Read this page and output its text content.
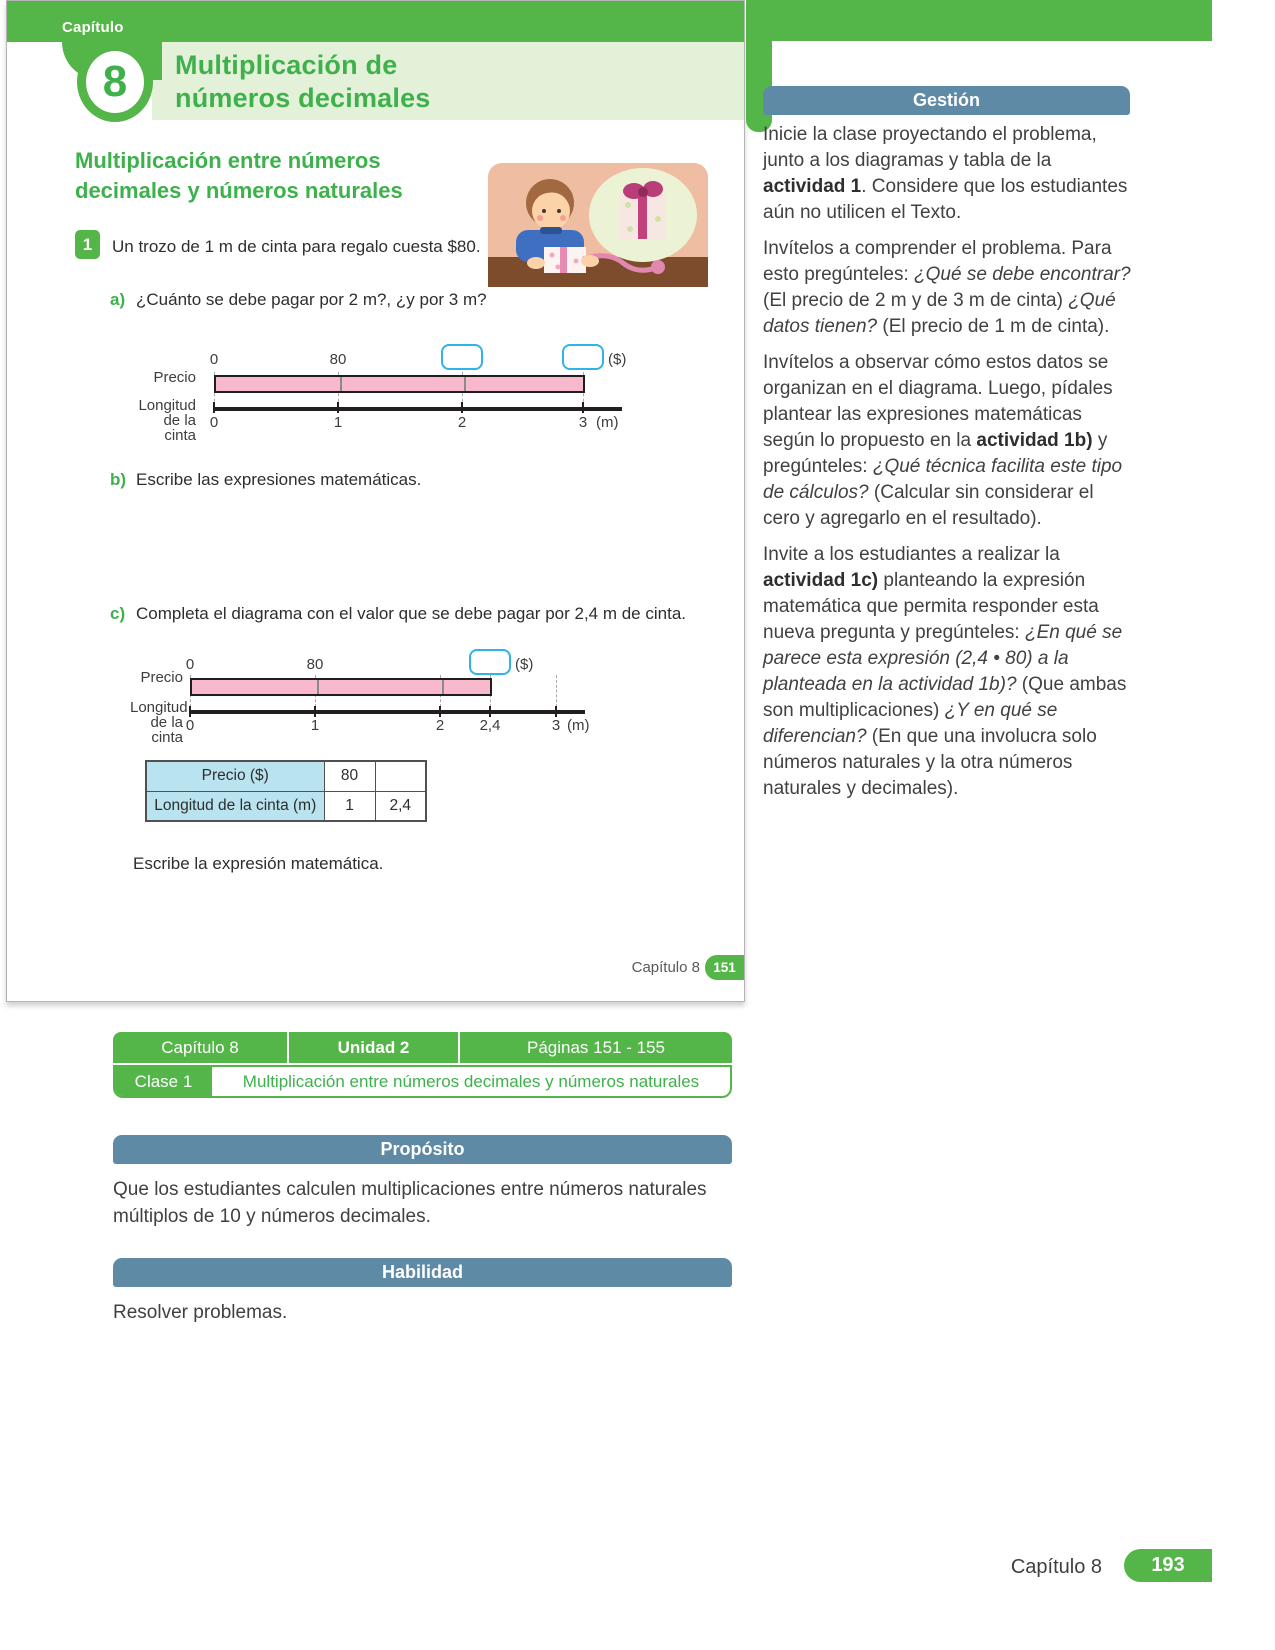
Capítulo
8 Multiplicación de
números decimales
Multiplicación entre números
decimales y números naturales
1 Un trozo de 1 m de cinta para regalo cuesta $80.
a) ¿Cuánto se debe pagar por 2 m?, ¿y por 3 m?
Precio
Longitud
de la cinta
0	80	($)
0	1	2	3 (m)
b) Escribe las expresiones matemáticas.
c) Completa el diagrama con el valor que se debe pagar por 2,4 m de cinta.
Precio
Longitud
de la cinta
0	80	($)
0	1	2	2,4	3 (m)
Precio ($)	80	
Longitud de la cinta (m)	1	2,4
Escribe la expresión matemática.
Capítulo 8 151
Gestión

Inicie la clase proyectando el problema, junto a los diagramas y tabla de la actividad 1. Considere que los estudiantes aún no utilicen el Texto.

Invítelos a comprender el problema. Para esto pregúnteles: ¿Qué se debe encontrar? (El precio de 2 m y de 3 m de cinta) ¿Qué datos tienen? (El precio de 1 m de cinta).

Invítelos a observar cómo estos datos se organizan en el diagrama. Luego, pídales plantear las expresiones matemáticas según lo propuesto en la actividad 1b) y pregúnteles: ¿Qué técnica facilita este tipo de cálculos? (Calcular sin considerar el cero y agregarlo en el resultado).

Invite a los estudiantes a realizar la actividad 1c) planteando la expresión matemática que permita responder esta nueva pregunta y pregúnteles: ¿En qué se parece esta expresión (2,4 • 80) a la planteada en la actividad 1b)? (Que ambas son multiplicaciones) ¿Y en qué se diferencian? (En que una involucra solo números naturales y la otra números naturales y decimales).

Capítulo 8	Unidad 2	Páginas 151 - 155
Clase 1	Multiplicación entre números decimales y números naturales
Propósito
Que los estudiantes calculen multiplicaciones entre números naturales múltiplos de 10 y números decimales.
Habilidad
Resolver problemas.
Capítulo 8 193
